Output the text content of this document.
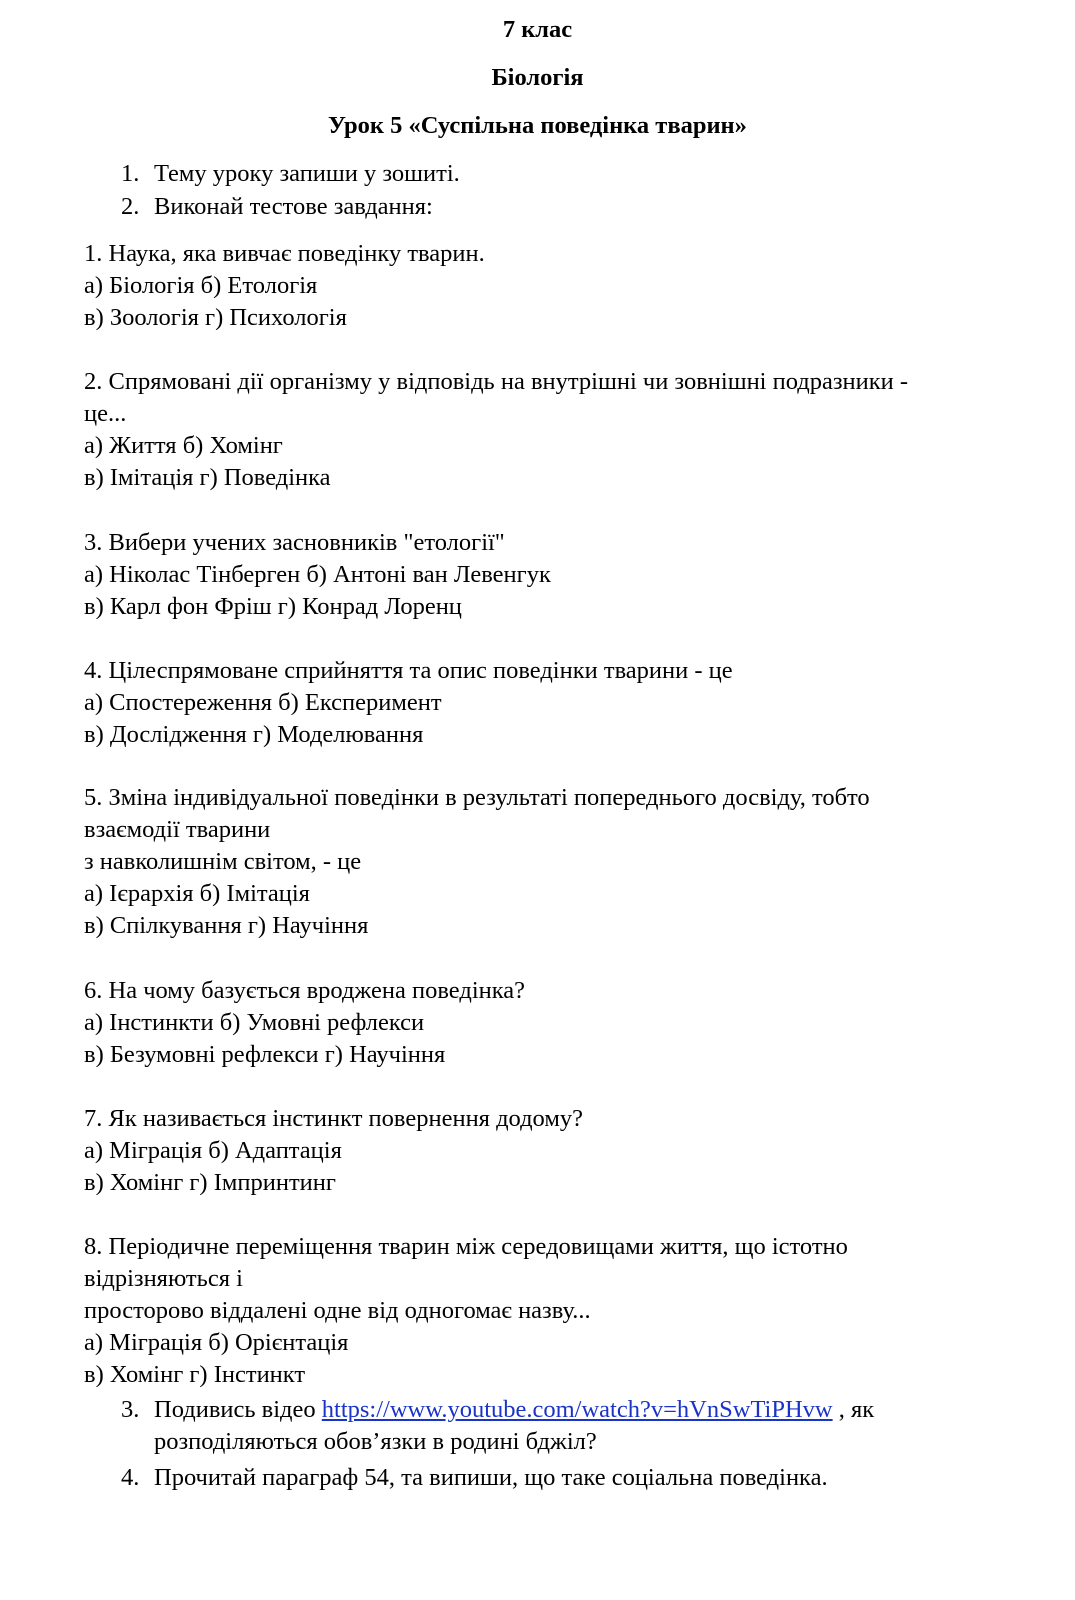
7 клас

Біологія

Урок 5 «Суспільна поведінка тварин»

1. Тему уроку запиши у зошиті.
2. Виконай тестове завдання:

1. Наука, яка вивчає поведінку тварин.

а) Біологія б) Етологія

в) Зоологія г) Психологія

2. Спрямовані дії організму у відповідь на внутрішні чи зовнішні подразники -

це...

а) Життя б) Хомінг

в) Імітація г) Поведінка

3. Вибери учених засновників "етології"

а) Ніколас Тінберген б) Антоні ван Левенгук

в) Карл фон Фріш г) Конрад Лоренц

4. Цілеспрямоване сприйняття та опис поведінки тварини - це

а) Спостереження б) Експеримент

в) Дослідження г) Моделювання

5. Зміна індивідуальної поведінки в результаті попереднього досвіду, тобто

взаємодії тварини

з навколишнім світом, - це

а) Ієрархія б) Імітація

в) Спілкування г) Научіння

6. На чому базується вроджена поведінка?

а) Інстинкти б) Умовні рефлекси

в) Безумовні рефлекси г) Научіння

7. Як називається інстинкт повернення додому?

а) Міграція б) Адаптація

в) Хомінг г) Імпринтинг

8. Періодичне переміщення тварин між середовищами життя, що істотно

відрізняються і

просторово віддалені одне від одногомає назву...

а) Міграція б) Орієнтація

в) Хомінг г) Інстинкт

3. Подивись відео https://www.youtube.com/watch?v=hVnSwTiPHvw , як
розподіляються обов’язки в родині бджіл?
4. Прочитай параграф 54, та випиши, що таке соціальна поведінка.
